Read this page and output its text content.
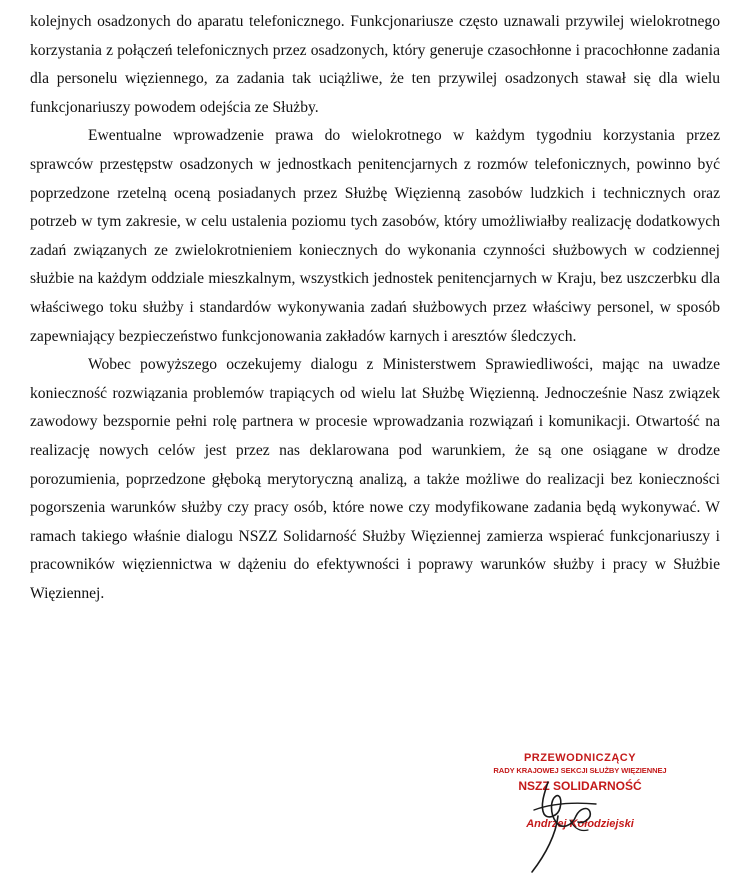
kolejnych osadzonych do aparatu telefonicznego. Funkcjonariusze często uznawali przywilej wielokrotnego korzystania z połączeń telefonicznych przez osadzonych, który generuje czasochłonne i pracochłonne zadania dla personelu więziennego, za zadania tak uciążliwe, że ten przywilej osadzonych stawał się dla wielu funkcjonariuszy powodem odejścia ze Służby.

Ewentualne wprowadzenie prawa do wielokrotnego w każdym tygodniu korzystania przez sprawców przestępstw osadzonych w jednostkach penitencjarnych z rozmów telefonicznych, powinno być poprzedzone rzetelną oceną posiadanych przez Służbę Więzienną zasobów ludzkich i technicznych oraz potrzeb w tym zakresie, w celu ustalenia poziomu tych zasobów, który umożliwiałby realizację dodatkowych zadań związanych ze zwielokrotnieniem koniecznych do wykonania czynności służbowych w codziennej służbie na każdym oddziale mieszkalnym, wszystkich jednostek penitencjarnych w Kraju, bez uszczerbku dla właściwego toku służby i standardów wykonywania zadań służbowych przez właściwy personel, w sposób zapewniający bezpieczeństwo funkcjonowania zakładów karnych i aresztów śledczych.

Wobec powyższego oczekujemy dialogu z Ministerstwem Sprawiedliwości, mając na uwadze konieczność rozwiązania problemów trapiących od wielu lat Służbę Więzienną. Jednocześnie Nasz związek zawodowy bezspornie pełni rolę partnera w procesie wprowadzania rozwiązań i komunikacji. Otwartość na realizację nowych celów jest przez nas deklarowana pod warunkiem, że są one osiągane w drodze porozumienia, poprzedzone głęboką merytoryczną analizą, a także możliwe do realizacji bez konieczności pogorszenia warunków służby czy pracy osób, które nowe czy modyfikowane zadania będą wykonywać. W ramach takiego właśnie dialogu NSZZ Solidarność Służby Więziennej zamierza wspierać funkcjonariuszy i pracowników więziennictwa w dążeniu do efektywności i poprawy warunków służby i pracy w Służbie Więziennej.

PRZEWODNICZĄCY
RADY KRAJOWEJ SEKCJI SŁUŻBY WIĘZIENNEJ
NSZZ SOLIDARNOŚĆ
Andrzej Kołodziejski
